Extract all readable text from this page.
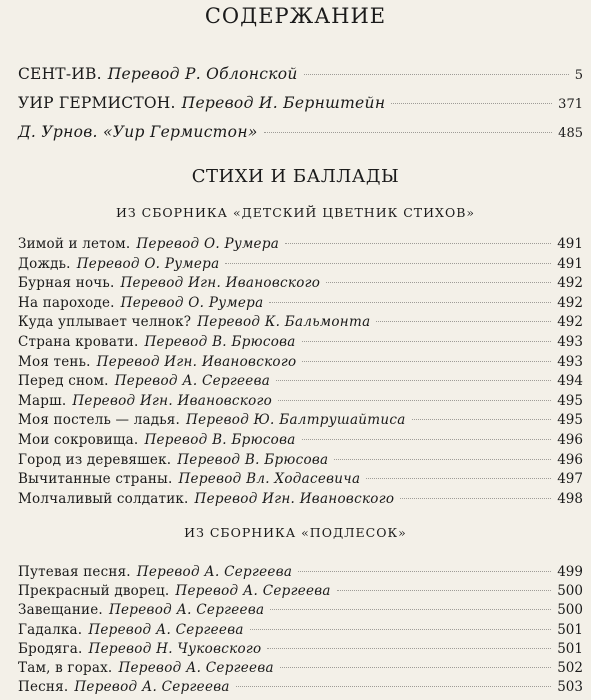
СОДЕРЖАНИЕ
СЕНТ-ИВ. Перевод Р. Облонской	5
УИР ГЕРМИСТОН. Перевод И. Бернштейн	371
Д. Урнов. «Уир Гермистон»	485
СТИХИ И БАЛЛАДЫ
ИЗ СБОРНИКА «ДЕТСКИЙ ЦВЕТНИК СТИХОВ»
Зимой и летом. Перевод О. Румера	491
Дождь. Перевод О. Румера	491
Бурная ночь. Перевод Игн. Ивановского	492
На пароходе. Перевод О. Румера	492
Куда уплывает челнок? Перевод К. Бальмонта	492
Страна кровати. Перевод В. Брюсова	493
Моя тень. Перевод Игн. Ивановского	493
Перед сном. Перевод А. Сергеева	494
Марш. Перевод Игн. Ивановского	495
Моя постель — ладья. Перевод Ю. Балтрушайтиса	495
Мои сокровища. Перевод В. Брюсова	496
Город из деревяшек. Перевод В. Брюсова	496
Вычитанные страны. Перевод Вл. Ходасевича	497
Молчаливый солдатик. Перевод Игн. Ивановского	498
ИЗ СБОРНИКА «ПОДЛЕСОК»
Путевая песня. Перевод А. Сергеева	499
Прекрасный дворец. Перевод А. Сергеева	500
Завещание. Перевод А. Сергеева	500
Гадалка. Перевод А. Сергеева	501
Бродяга. Перевод Н. Чуковского	501
Там, в горах. Перевод А. Сергеева	502
Песня. Перевод А. Сергеева	503
